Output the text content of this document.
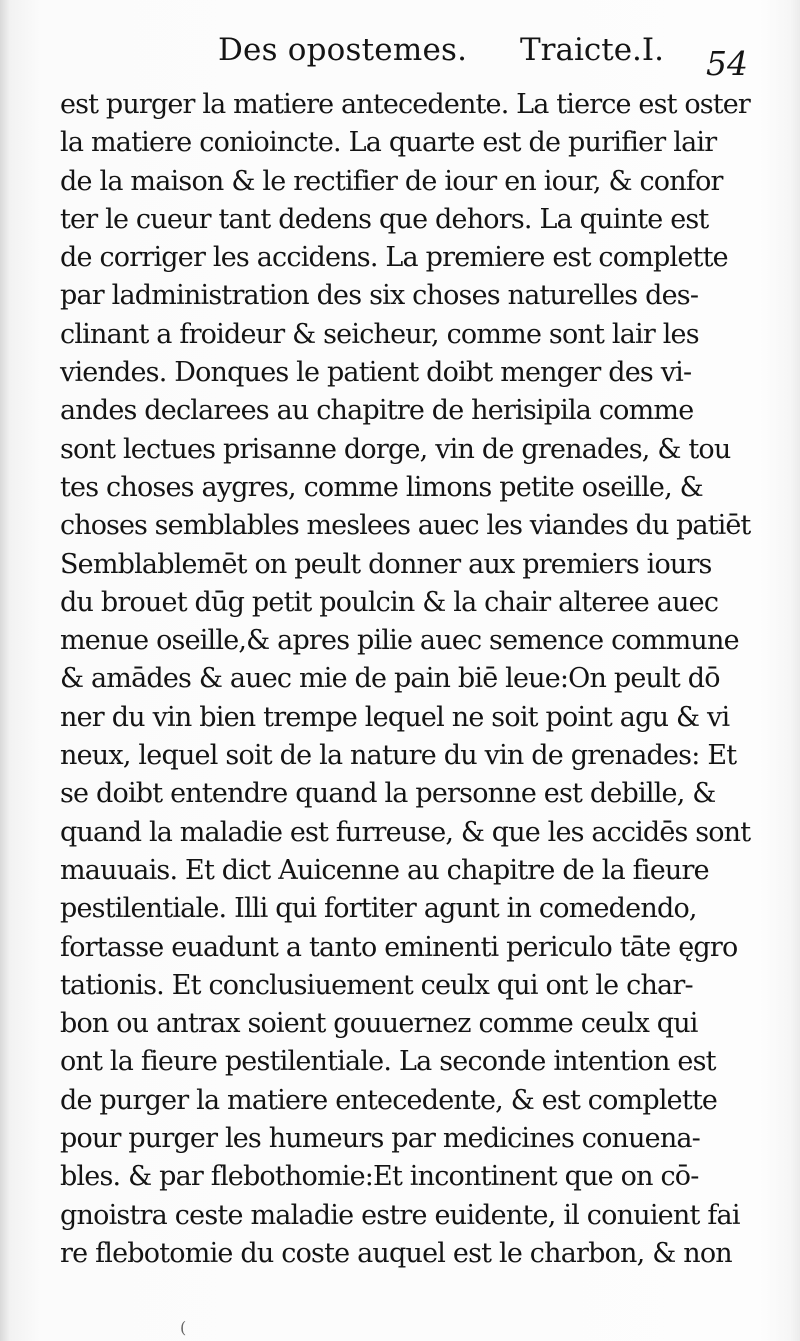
Des opostemes. Traicte.I. 54
est purger la matiere antecedente. La tierce est oster
la matiere conioincte. La quarte est de purifier lair
de la maison & le rectifier de iour en iour, & confor
ter le cueur tant dedens que dehors. La quinte est
de corriger les accidens. La premiere est complette
par ladministration des six choses naturelles des-
clinant a froideur & seicheur, comme sont lair les
viendes. Donques le patient doibt menger des vi-
andes declarees au chapitre de herisipila comme
sont lectues prisanne dorge, vin de grenades, & tou
tes choses aygres, comme limons petite oseille, &
choses semblables meslees auec les viandes du patiēt
Semblablemēt on peult donner aux premiers iours
du brouet dūg petit poulcin & la chair alteree auec
menue oseille,& apres pilie auec semence commune
& amādes & auec mie de pain biē leue:On peult dō
ner du vin bien trempe lequel ne soit point agu & vi
neux, lequel soit de la nature du vin de grenades: Et
se doibt entendre quand la personne est debille, &
quand la maladie est furreuse, & que les accidēs sont
mauuais. Et dict Auicenne au chapitre de la fieure
pestilentiale. Illi qui fortiter agunt in comedendo,
fortasse euadunt a tanto eminenti periculo tāte ęgro
tationis. Et conclusiuement ceulx qui ont le char-
bon ou antrax soient gouuernez comme ceulx qui
ont la fieure pestilentiale. La seconde intention est
de purger la matiere entecedente, & est complette
pour purger les humeurs par medicines conuena-
bles. & par flebothomie:Et incontinent que on cō-
gnoistra ceste maladie estre euidente, il conuient fai
re flebotomie du coste auquel est le charbon, & non
(
